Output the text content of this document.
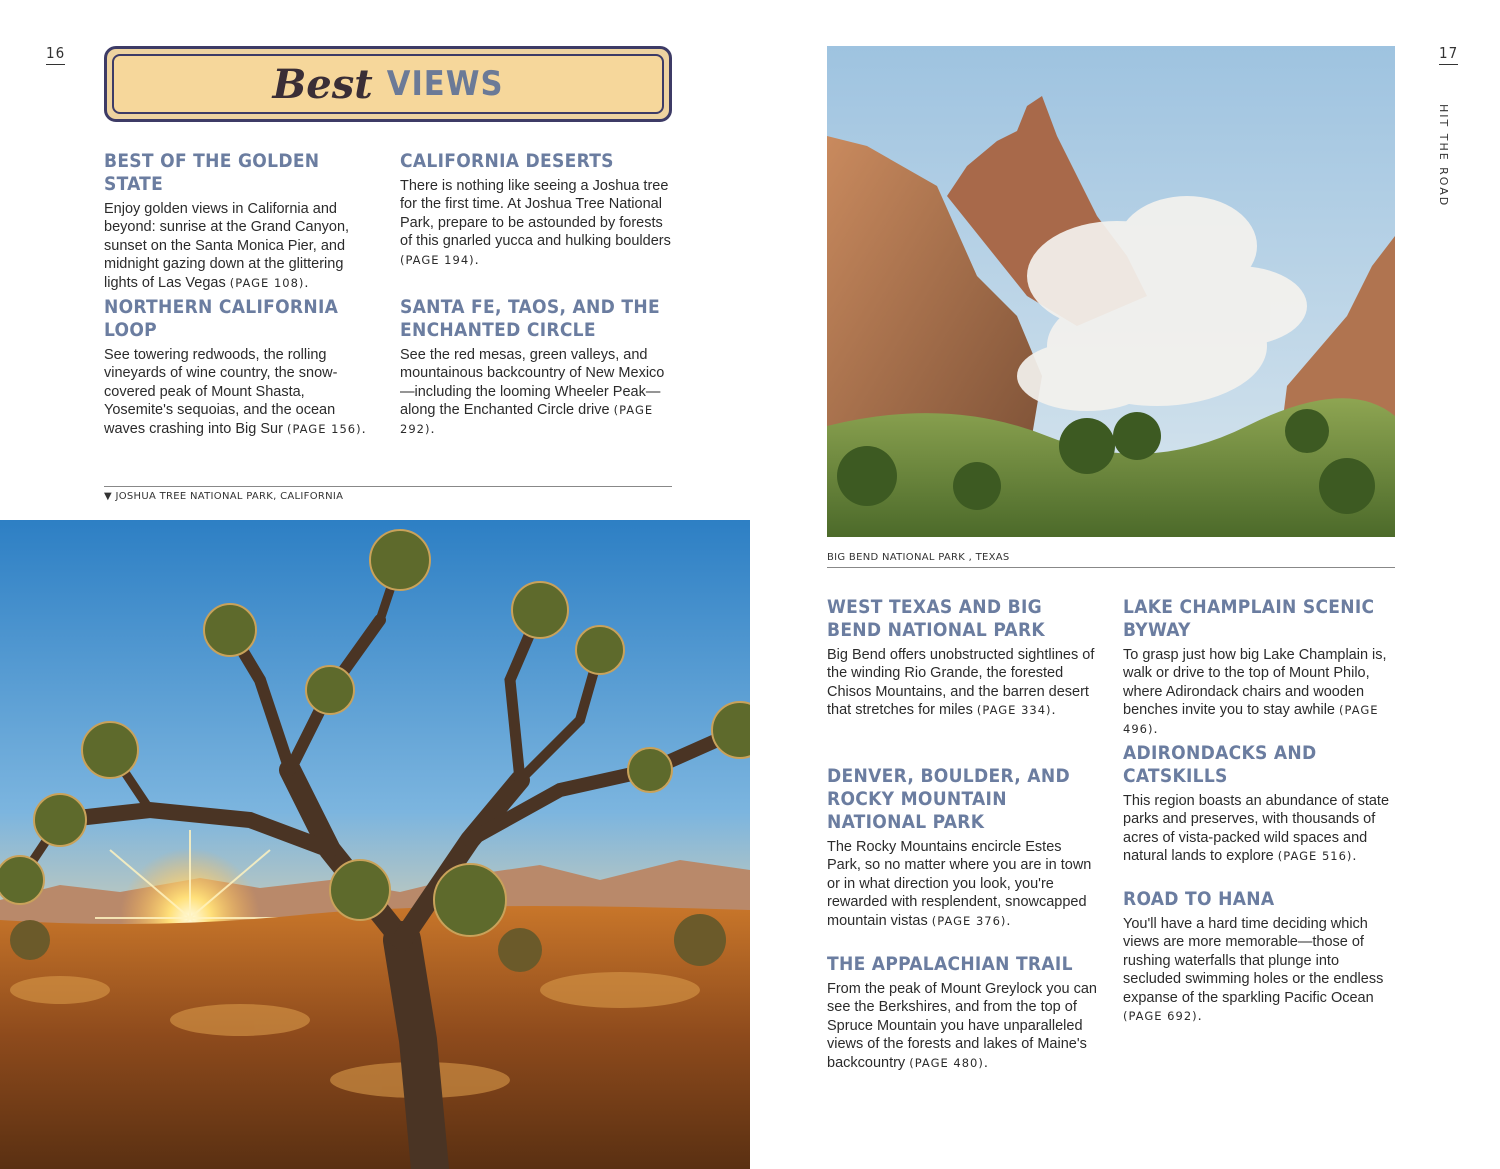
16
Best VIEWS
BEST OF THE GOLDEN STATE

Enjoy golden views in California and beyond: sunrise at the Grand Canyon, sunset on the Santa Monica Pier, and midnight gazing down at the glittering lights of Las Vegas (PAGE 108).

CALIFORNIA DESERTS

There is nothing like seeing a Joshua tree for the first time. At Joshua Tree National Park, prepare to be astounded by forests of this gnarled yucca and hulking boulders (PAGE 194).

NORTHERN CALIFORNIA LOOP

See towering redwoods, the rolling vineyards of wine country, the snow-covered peak of Mount Shasta, Yosemite's sequoias, and the ocean waves crashing into Big Sur (PAGE 156).

SANTA FE, TAOS, AND THE ENCHANTED CIRCLE

See the red mesas, green valleys, and mountainous backcountry of New Mexico—including the looming Wheeler Peak—along the Enchanted Circle drive (PAGE 292).

▼ JOSHUA TREE NATIONAL PARK, CALIFORNIA
17
HIT THE ROAD
BIG BEND NATIONAL PARK , TEXAS
WEST TEXAS AND BIG BEND NATIONAL PARK

Big Bend offers unobstructed sightlines of the winding Rio Grande, the forested Chisos Mountains, and the barren desert that stretches for miles (PAGE 334).

LAKE CHAMPLAIN SCENIC BYWAY

To grasp just how big Lake Champlain is, walk or drive to the top of Mount Philo, where Adirondack chairs and wooden benches invite you to stay awhile (PAGE 496).

DENVER, BOULDER, AND ROCKY MOUNTAIN NATIONAL PARK

The Rocky Mountains encircle Estes Park, so no matter where you are in town or in what direction you look, you're rewarded with resplendent, snowcapped mountain vistas (PAGE 376).

ADIRONDACKS AND CATSKILLS

This region boasts an abundance of state parks and preserves, with thousands of acres of vista-packed wild spaces and natural lands to explore (PAGE 516).

THE APPALACHIAN TRAIL

From the peak of Mount Greylock you can see the Berkshires, and from the top of Spruce Mountain you have unparalleled views of the forests and lakes of Maine's backcountry (PAGE 480).

ROAD TO HANA

You'll have a hard time deciding which views are more memorable—those of rushing waterfalls that plunge into secluded swimming holes or the endless expanse of the sparkling Pacific Ocean (PAGE 692).
